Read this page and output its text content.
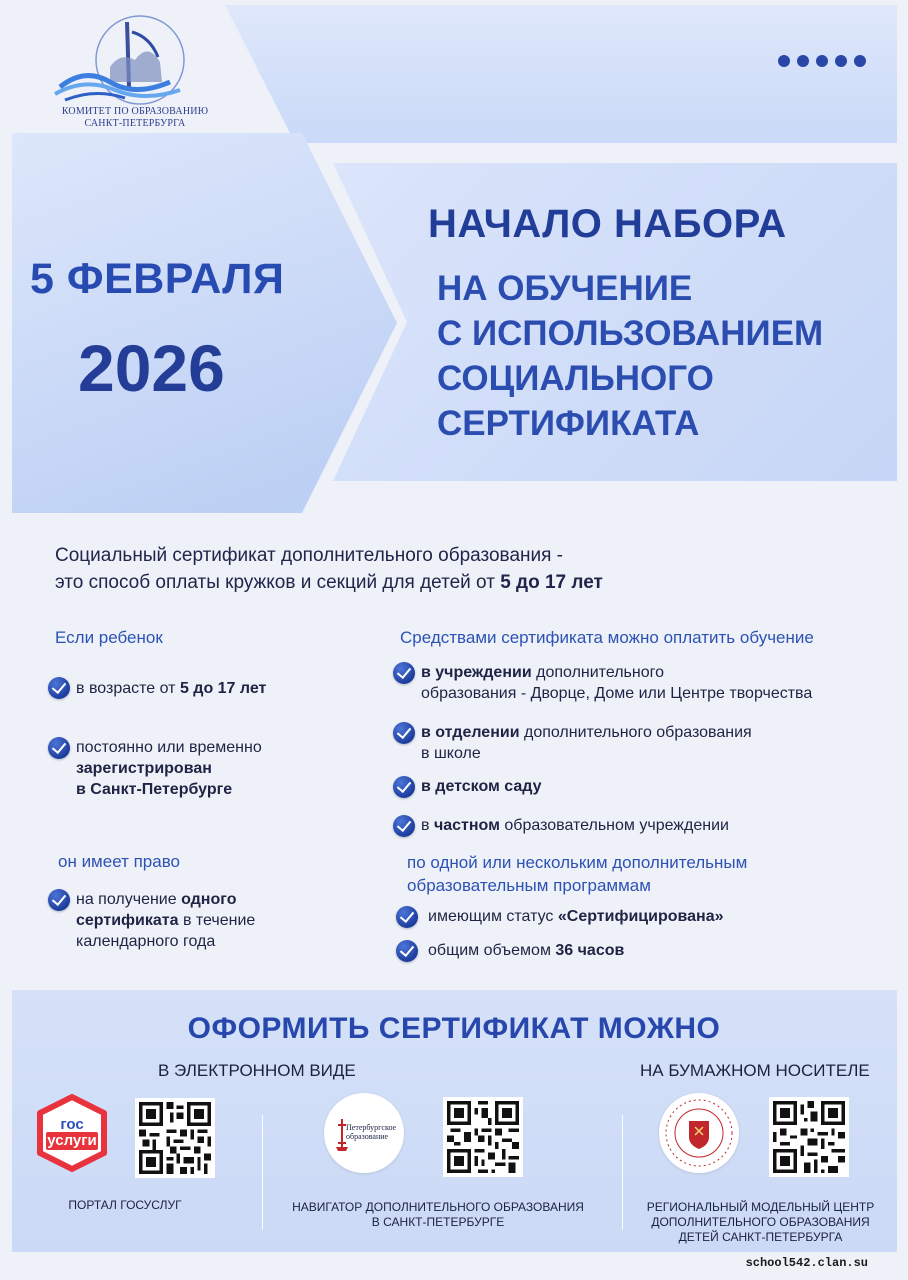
КОМИТЕТ ПО ОБРАЗОВАНИЮ
САНКТ-ПЕТЕРБУРГА
5 ФЕВРАЛЯ
2026
НАЧАЛО НАБОРА
НА ОБУЧЕНИЕ
С ИСПОЛЬЗОВАНИЕМ
СОЦИАЛЬНОГО
СЕРТИФИКАТА
Социальный сертификат дополнительного образования -
это способ оплаты кружков и секций для детей от 5 до 17 лет
Если ребенок
в возрасте от 5 до 17 лет
постоянно или временно
зарегистрирован
в Санкт-Петербурге
он имеет право
на получение одного
сертификата в течение
календарного года
Средствами сертификата можно оплатить обучение
в учреждении дополнительного
образования - Дворце, Доме или Центре творчества
в отделении дополнительного образования
в школе
в детском саду
в частном образовательном учреждении
по одной или нескольким дополнительным
образовательным программам
имеющим статус «Сертифицирована»
общим объемом 36 часов
ОФОРМИТЬ СЕРТИФИКАТ МОЖНО
В ЭЛЕКТРОННОМ ВИДЕ	НА БУМАЖНОМ НОСИТЕЛЕ
гос
услуги
Петербургское
образование
ПОРТАЛ ГОСУСЛУГ	НАВИГАТОР ДОПОЛНИТЕЛЬНОГО ОБРАЗОВАНИЯ
В САНКТ-ПЕТЕРБУРГЕ
РЕГИОНАЛЬНЫЙ МОДЕЛЬНЫЙ ЦЕНТР
ДОПОЛНИТЕЛЬНОГО ОБРАЗОВАНИЯ
ДЕТЕЙ САНКТ-ПЕТЕРБУРГА
school542.clan.su
